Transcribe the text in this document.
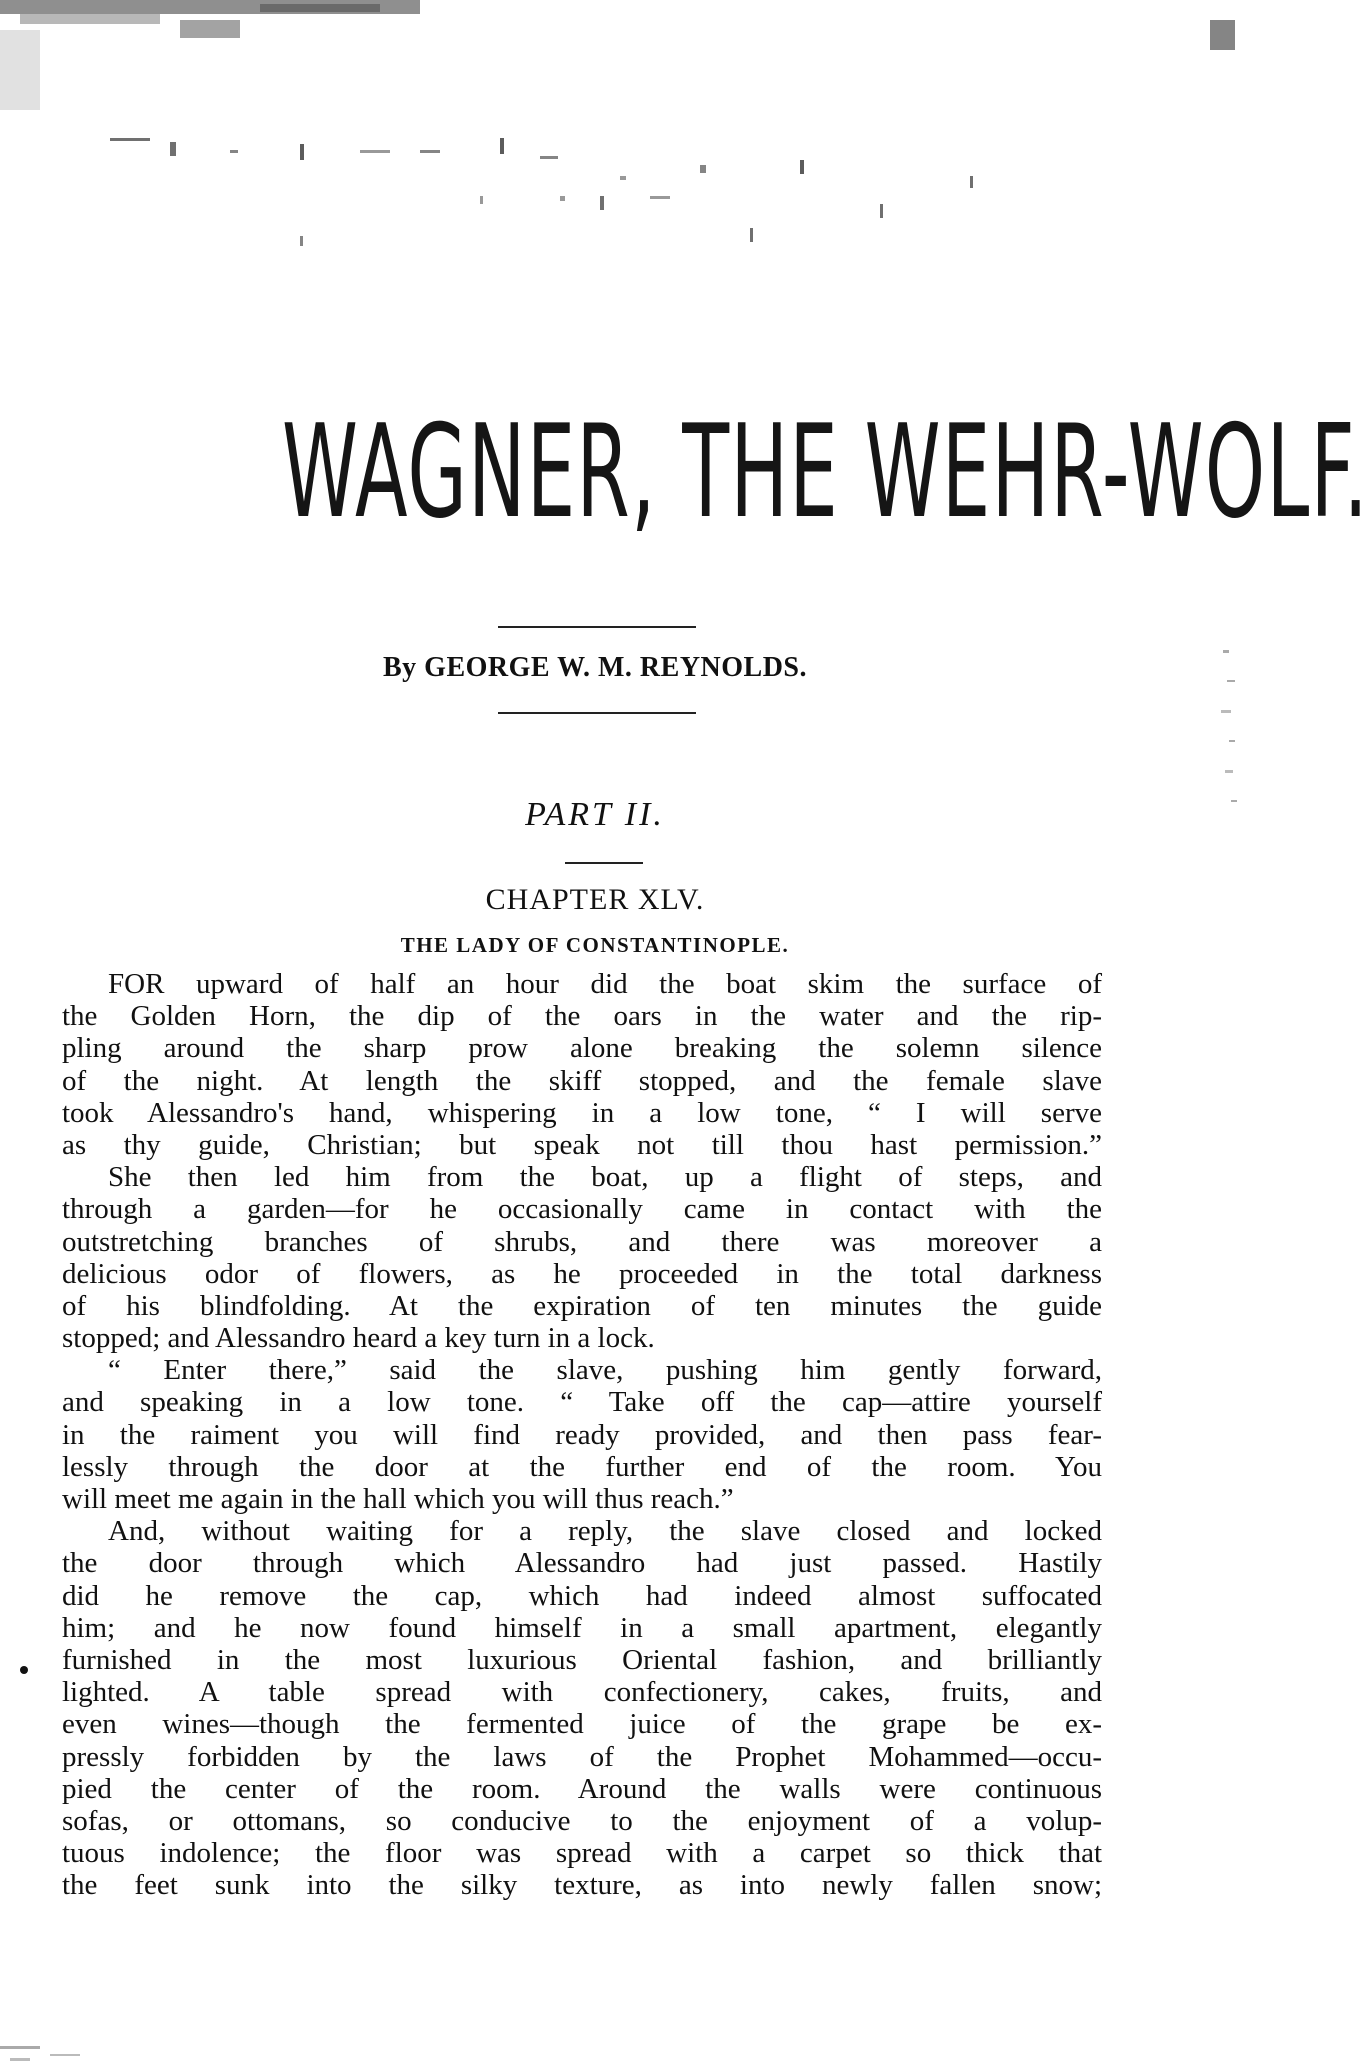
WAGNER, THE WEHR-WOLF.
By GEORGE W. M. REYNOLDS.
PART II.
CHAPTER XLV.
THE LADY OF CONSTANTINOPLE.
FOR upward of half an hour did the boat skim the surface of
the Golden Horn, the dip of the oars in the water and the rip-
pling around the sharp prow alone breaking the solemn silence
of the night. At length the skiff stopped, and the female slave
took Alessandro's hand, whispering in a low tone, “ I will serve
as thy guide, Christian; but speak not till thou hast permission.”
She then led him from the boat, up a flight of steps, and
through a garden—for he occasionally came in contact with the
outstretching branches of shrubs, and there was moreover a
delicious odor of flowers, as he proceeded in the total darkness
of his blindfolding. At the expiration of ten minutes the guide
stopped; and Alessandro heard a key turn in a lock.
“ Enter there,” said the slave, pushing him gently forward,
and speaking in a low tone. “ Take off the cap—attire yourself
in the raiment you will find ready provided, and then pass fear-
lessly through the door at the further end of the room. You
will meet me again in the hall which you will thus reach.”
And, without waiting for a reply, the slave closed and locked
the door through which Alessandro had just passed. Hastily
did he remove the cap, which had indeed almost suffocated
him; and he now found himself in a small apartment, elegantly
furnished in the most luxurious Oriental fashion, and brilliantly
lighted. A table spread with confectionery, cakes, fruits, and
even wines—though the fermented juice of the grape be ex-
pressly forbidden by the laws of the Prophet Mohammed—occu-
pied the center of the room. Around the walls were continuous
sofas, or ottomans, so conducive to the enjoyment of a volup-
tuous indolence; the floor was spread with a carpet so thick that
the feet sunk into the silky texture, as into newly fallen snow;
